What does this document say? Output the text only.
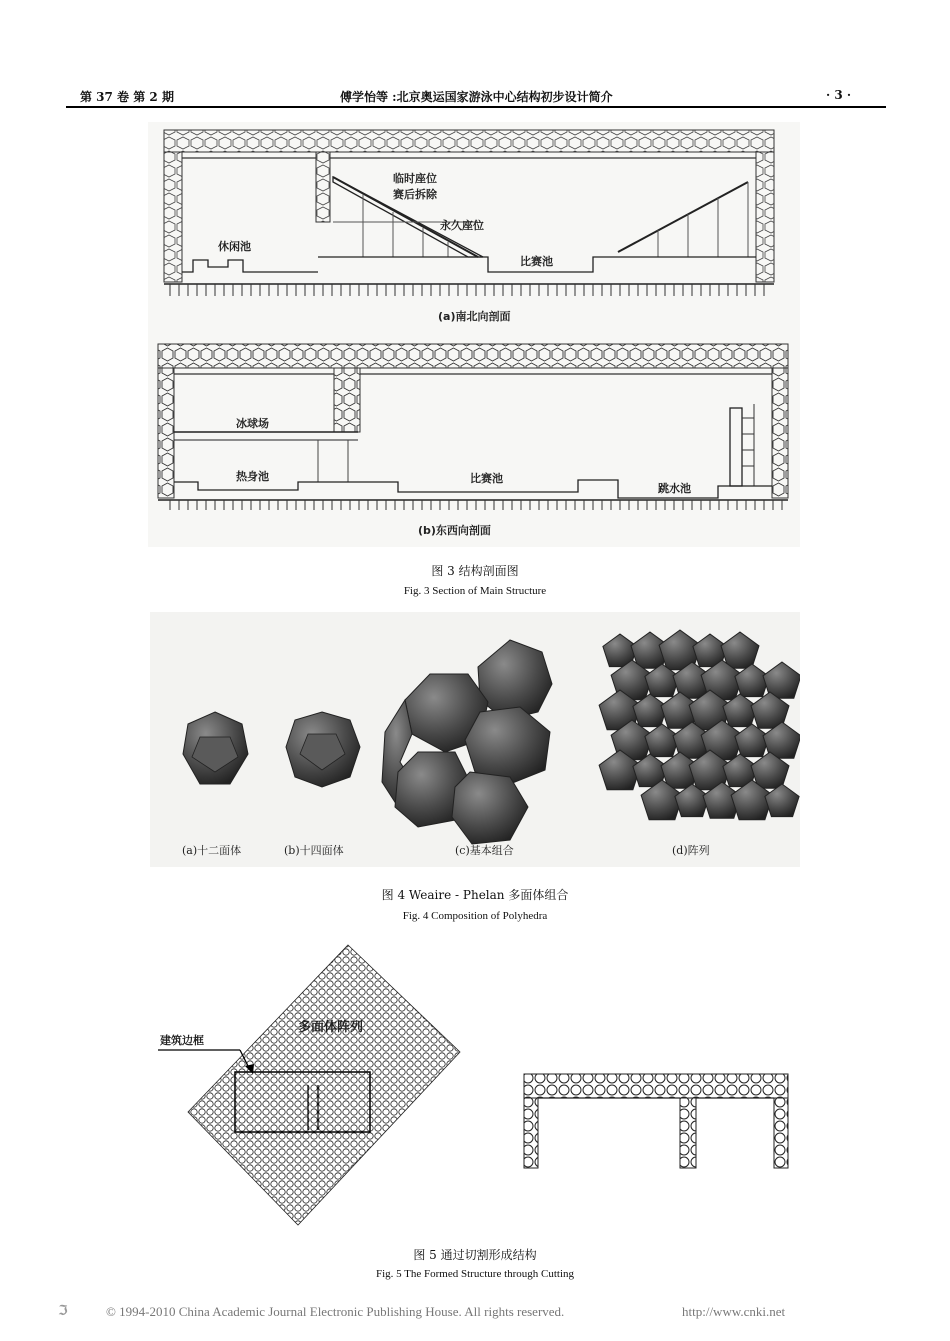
第 37 卷 第 2 期	傅学怡等 :北京奥运国家游泳中心结构初步设计简介	· 3 ·
临时座位
赛后拆除
永久座位
休闲池
比赛池
(a)南北向剖面
冰球场
热身池	比赛池
跳水池
(b)东西向剖面
图 3 结构剖面图
Fig. 3 Section of Main Structure
(a)十二面体	(b)十四面体	(c)基本组合	(d)阵列
图 4 Weaire - Phelan 多面体组合
Fig. 4 Composition of Polyhedra
建筑边框
多面体阵列
图 5 通过切割形成结构
Fig. 5 The Formed Structure through Cutting
ℑ	© 1994-2010 China Academic Journal Electronic Publishing House. All rights reserved.	http://www.cnki.net
